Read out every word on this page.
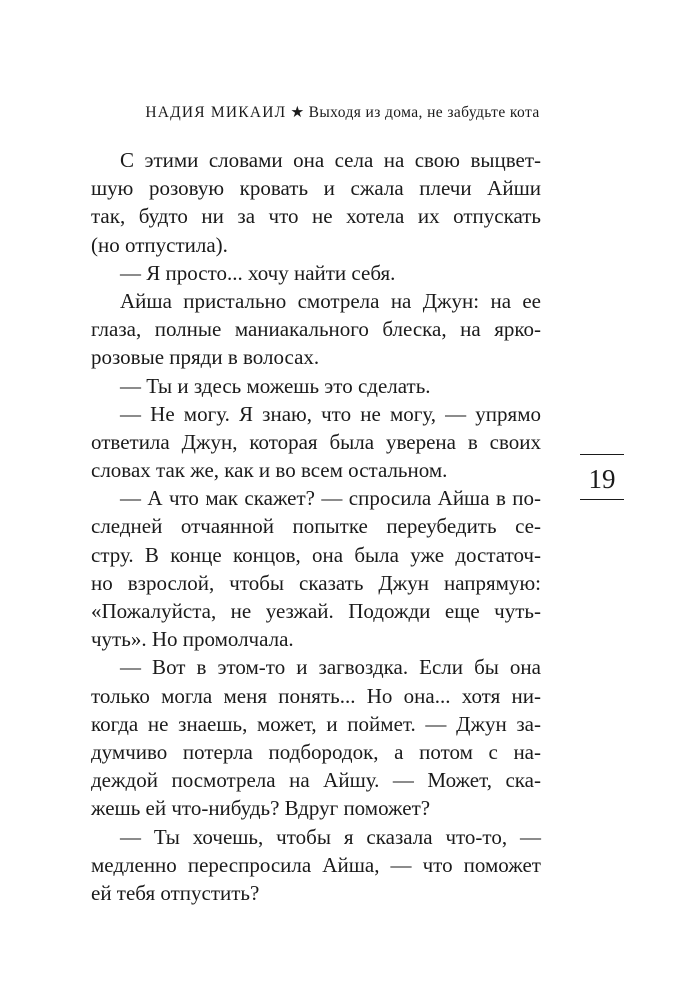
НАДИЯ МИКАИЛ ★ Выходя из дома, не забудьте кота
С этими словами она села на свою выцвет-
шую розовую кровать и сжала плечи Айши
так, будто ни за что не хотела их отпускать
(но отпустила).
— Я просто... хочу найти себя.
Айша пристально смотрела на Джун: на ее
глаза, полные маниакального блеска, на ярко-
розовые пряди в волосах.
— Ты и здесь можешь это сделать.
— Не могу. Я знаю, что не могу, — упрямо
ответила Джун, которая была уверена в своих
словах так же, как и во всем остальном.
— А что мак скажет? — спросила Айша в по-
следней отчаянной попытке переубедить се-
стру. В конце концов, она была уже достаточ-
но взрослой, чтобы сказать Джун напрямую:
«Пожалуйста, не уезжай. Подожди еще чуть-
чуть». Но промолчала.
— Вот в этом-то и загвоздка. Если бы она
только могла меня понять... Но она... хотя ни-
когда не знаешь, может, и поймет. — Джун за-
думчиво потерла подбородок, а потом с на-
деждой посмотрела на Айшу. — Может, ска-
жешь ей что-нибудь? Вдруг поможет?
— Ты хочешь, чтобы я сказала что-то, —
медленно переспросила Айша, — что поможет
ей тебя отпустить?
19
